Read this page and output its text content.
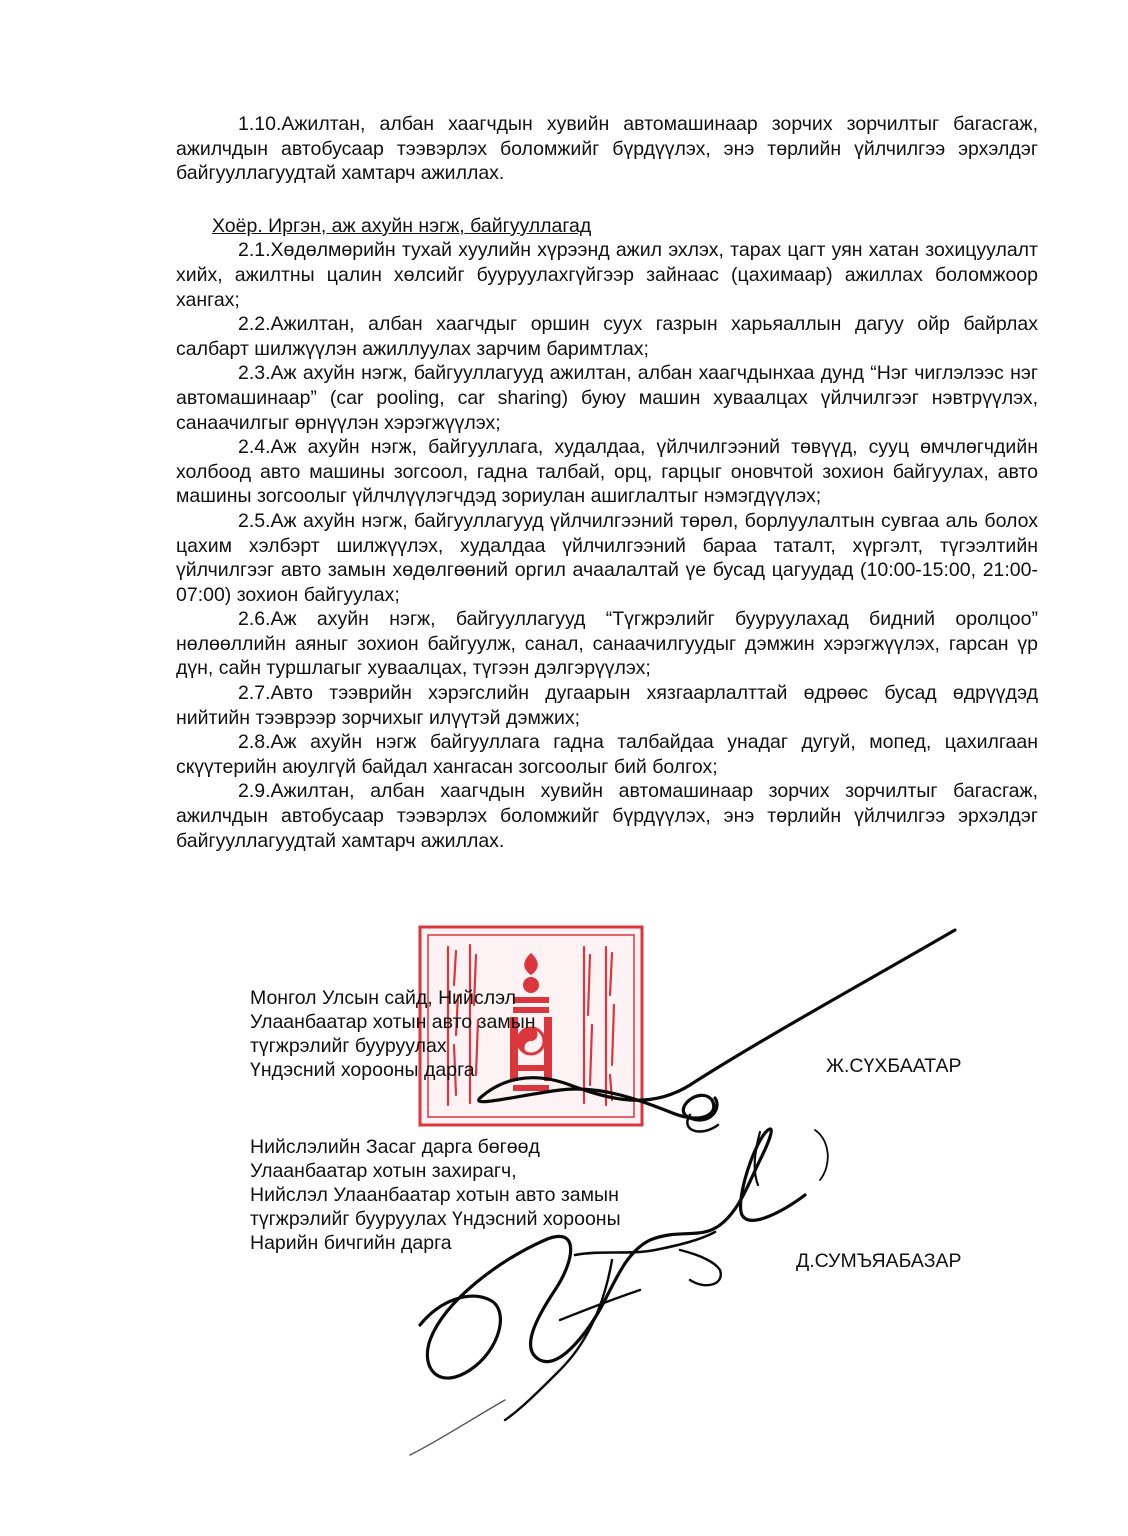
1.10.Ажилтан, албан хаагчдын хувийн автомашинаар зорчих зорчилтыг багасгаж, ажилчдын автобусаар тээвэрлэх боломжийг бүрдүүлэх, энэ төрлийн үйлчилгээ эрхэлдэг байгууллагуудтай хамтарч ажиллах.

Хоёр. Иргэн, аж ахуйн нэгж, байгууллагад

2.1.Хөдөлмөрийн тухай хуулийн хүрээнд ажил эхлэх, тарах цагт уян хатан зохицуулалт хийх, ажилтны цалин хөлсийг бууруулахгүйгээр зайнаас (цахимаар) ажиллах боломжоор хангах;

2.2.Ажилтан, албан хаагчдыг оршин суух газрын харьяаллын дагуу ойр байрлах салбарт шилжүүлэн ажиллуулах зарчим баримтлах;

2.3.Аж ахуйн нэгж, байгууллагууд ажилтан, албан хаагчдынхаа дунд “Нэг чиглэлээс нэг автомашинаар” (car pooling, car sharing) буюу машин хуваалцах үйлчилгээг нэвтрүүлэх, санаачилгыг өрнүүлэн хэрэгжүүлэх;

2.4.Аж ахуйн нэгж, байгууллага, худалдаа, үйлчилгээний төвүүд, сууц өмчлөгчдийн холбоод авто машины зогсоол, гадна талбай, орц, гарцыг оновчтой зохион байгуулах, авто машины зогсоолыг үйлчлүүлэгчдэд зориулан ашиглалтыг нэмэгдүүлэх;

2.5.Аж ахуйн нэгж, байгууллагууд үйлчилгээний төрөл, борлуулалтын сувгаа аль болох цахим хэлбэрт шилжүүлэх, худалдаа үйлчилгээний бараа таталт, хүргэлт, түгээлтийн үйлчилгээг авто замын хөдөлгөөний оргил ачаалалтай үе бусад цагуудад (10:00-15:00, 21:00-07:00) зохион байгуулах;

2.6.Аж ахуйн нэгж, байгууллагууд “Түгжрэлийг бууруулахад бидний оролцоо” нөлөөллийн аяныг зохион байгуулж, санал, санаачилгуудыг дэмжин хэрэгжүүлэх, гарсан үр дүн, сайн туршлагыг хуваалцах, түгээн дэлгэрүүлэх;

2.7.Авто тээврийн хэрэгслийн дугаарын хязгаарлалттай өдрөөс бусад өдрүүдэд нийтийн тээврээр зорчихыг илүүтэй дэмжих;

2.8.Аж ахуйн нэгж байгууллага гадна талбайдаа унадаг дугуй, мопед, цахилгаан скүүтерийн аюулгүй байдал хангасан зогсоолыг бий болгох;

2.9.Ажилтан, албан хаагчдын хувийн автомашинаар зорчих зорчилтыг багасгаж, ажилчдын автобусаар тээвэрлэх боломжийг бүрдүүлэх, энэ төрлийн үйлчилгээ эрхэлдэг байгууллагуудтай хамтарч ажиллах.

Монгол Улсын сайд, Нийслэл
Улаанбаатар хотын авто замын
түгжрэлийг бууруулах
Үндэсний хорооны дарга	Ж.СҮХБААТАР
Нийслэлийн Засаг дарга бөгөөд
Улаанбаатар хотын захирагч,
Нийслэл Улаанбаатар хотын авто замын
түгжрэлийг бууруулах Үндэсний хорооны
Нарийн бичгийн дарга
Д.СУМЪЯАБАЗАР
